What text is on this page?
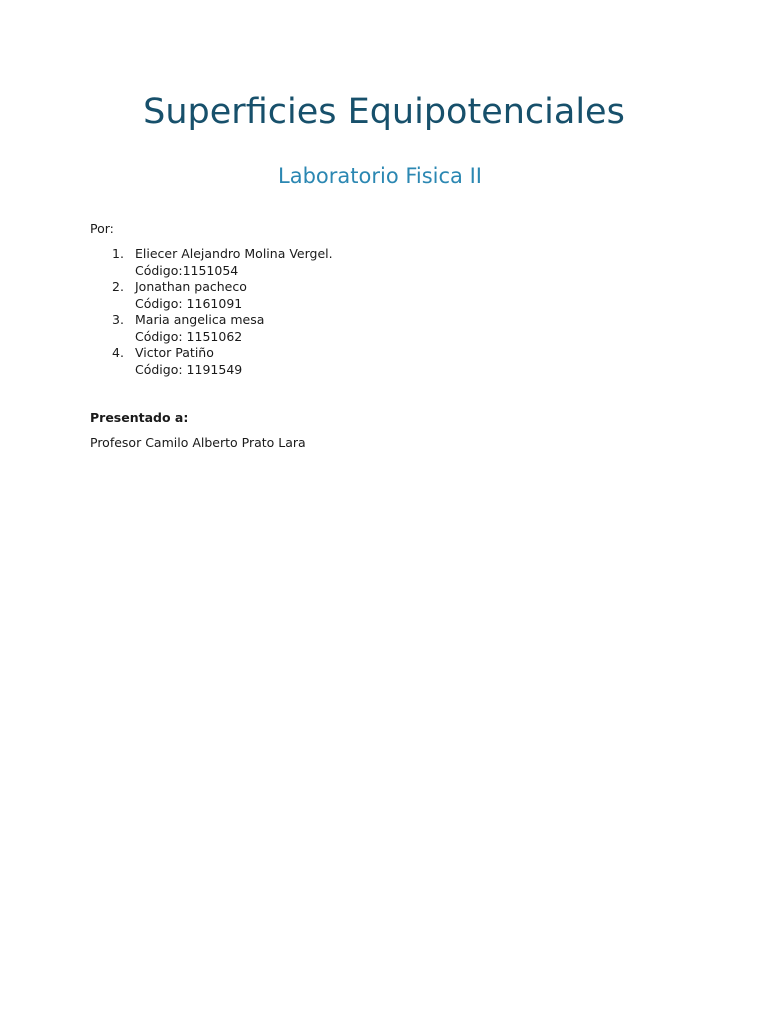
Superficies Equipotenciales
Laboratorio Fisica II
Por:
1. Eliecer Alejandro Molina Vergel.
Código:1151054
2. Jonathan pacheco
Código: 1161091
3. Maria angelica mesa
Código: 1151062
4. Victor Patiño
Código: 1191549
Presentado a:
Profesor Camilo Alberto Prato Lara
